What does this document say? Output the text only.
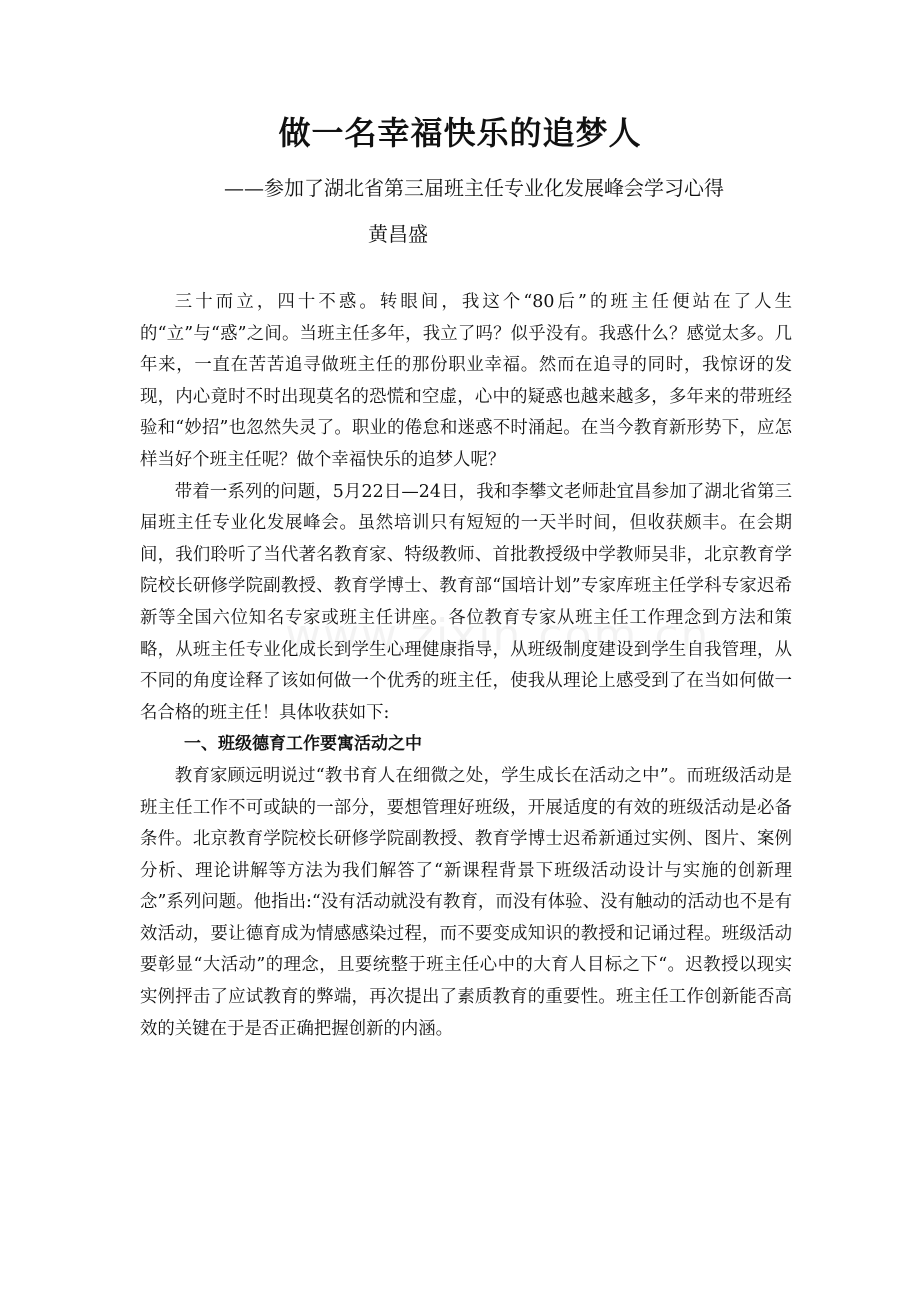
做一名幸福快乐的追梦人
——参加了湖北省第三届班主任专业化发展峰会学习心得
黄昌盛

三十而立，四十不惑。转眼间，我这个“80后”的班主任便站在了人生的“立”与“惑”之间。当班主任多年，我立了吗？似乎没有。我惑什么？感觉太多。几年来，一直在苦苦追寻做班主任的那份职业幸福。然而在追寻的同时，我惊讶的发现，内心竟时不时出现莫名的恐慌和空虚，心中的疑惑也越来越多，多年来的带班经验和“妙招”也忽然失灵了。职业的倦怠和迷惑不时涌起。在当今教育新形势下，应怎样当好个班主任呢？做个幸福快乐的追梦人呢？

带着一系列的问题，5月22日—24日，我和李攀文老师赴宜昌参加了湖北省第三届班主任专业化发展峰会。虽然培训只有短短的一天半时间，但收获颇丰。在会期间，我们聆听了当代著名教育家、特级教师、首批教授级中学教师吴非，北京教育学院校长研修学院副教授、教育学博士、教育部“国培计划”专家库班主任学科专家迟希新等全国六位知名专家或班主任讲座。各位教育专家从班主任工作理念到方法和策略，从班主任专业化成长到学生心理健康指导，从班级制度建设到学生自我管理，从不同的角度诠释了该如何做一个优秀的班主任，使我从理论上感受到了在当如何做一名合格的班主任！具体收获如下:

一、班级德育工作要寓活动之中

教育家顾远明说过“教书育人在细微之处，学生成长在活动之中”。而班级活动是班主任工作不可或缺的一部分，要想管理好班级，开展适度的有效的班级活动是必备条件。北京教育学院校长研修学院副教授、教育学博士迟希新通过实例、图片、案例分析、理论讲解等方法为我们解答了“新课程背景下班级活动设计与实施的创新理念”系列问题。他指出:“没有活动就没有教育，而没有体验、没有触动的活动也不是有效活动，要让德育成为情感感染过程，而不要变成知识的教授和记诵过程。班级活动要彰显“大活动”的理念，且要统整于班主任心中的大育人目标之下“。迟教授以现实实例抨击了应试教育的弊端，再次提出了素质教育的重要性。班主任工作创新能否高效的关键在于是否正确把握创新的内涵。
